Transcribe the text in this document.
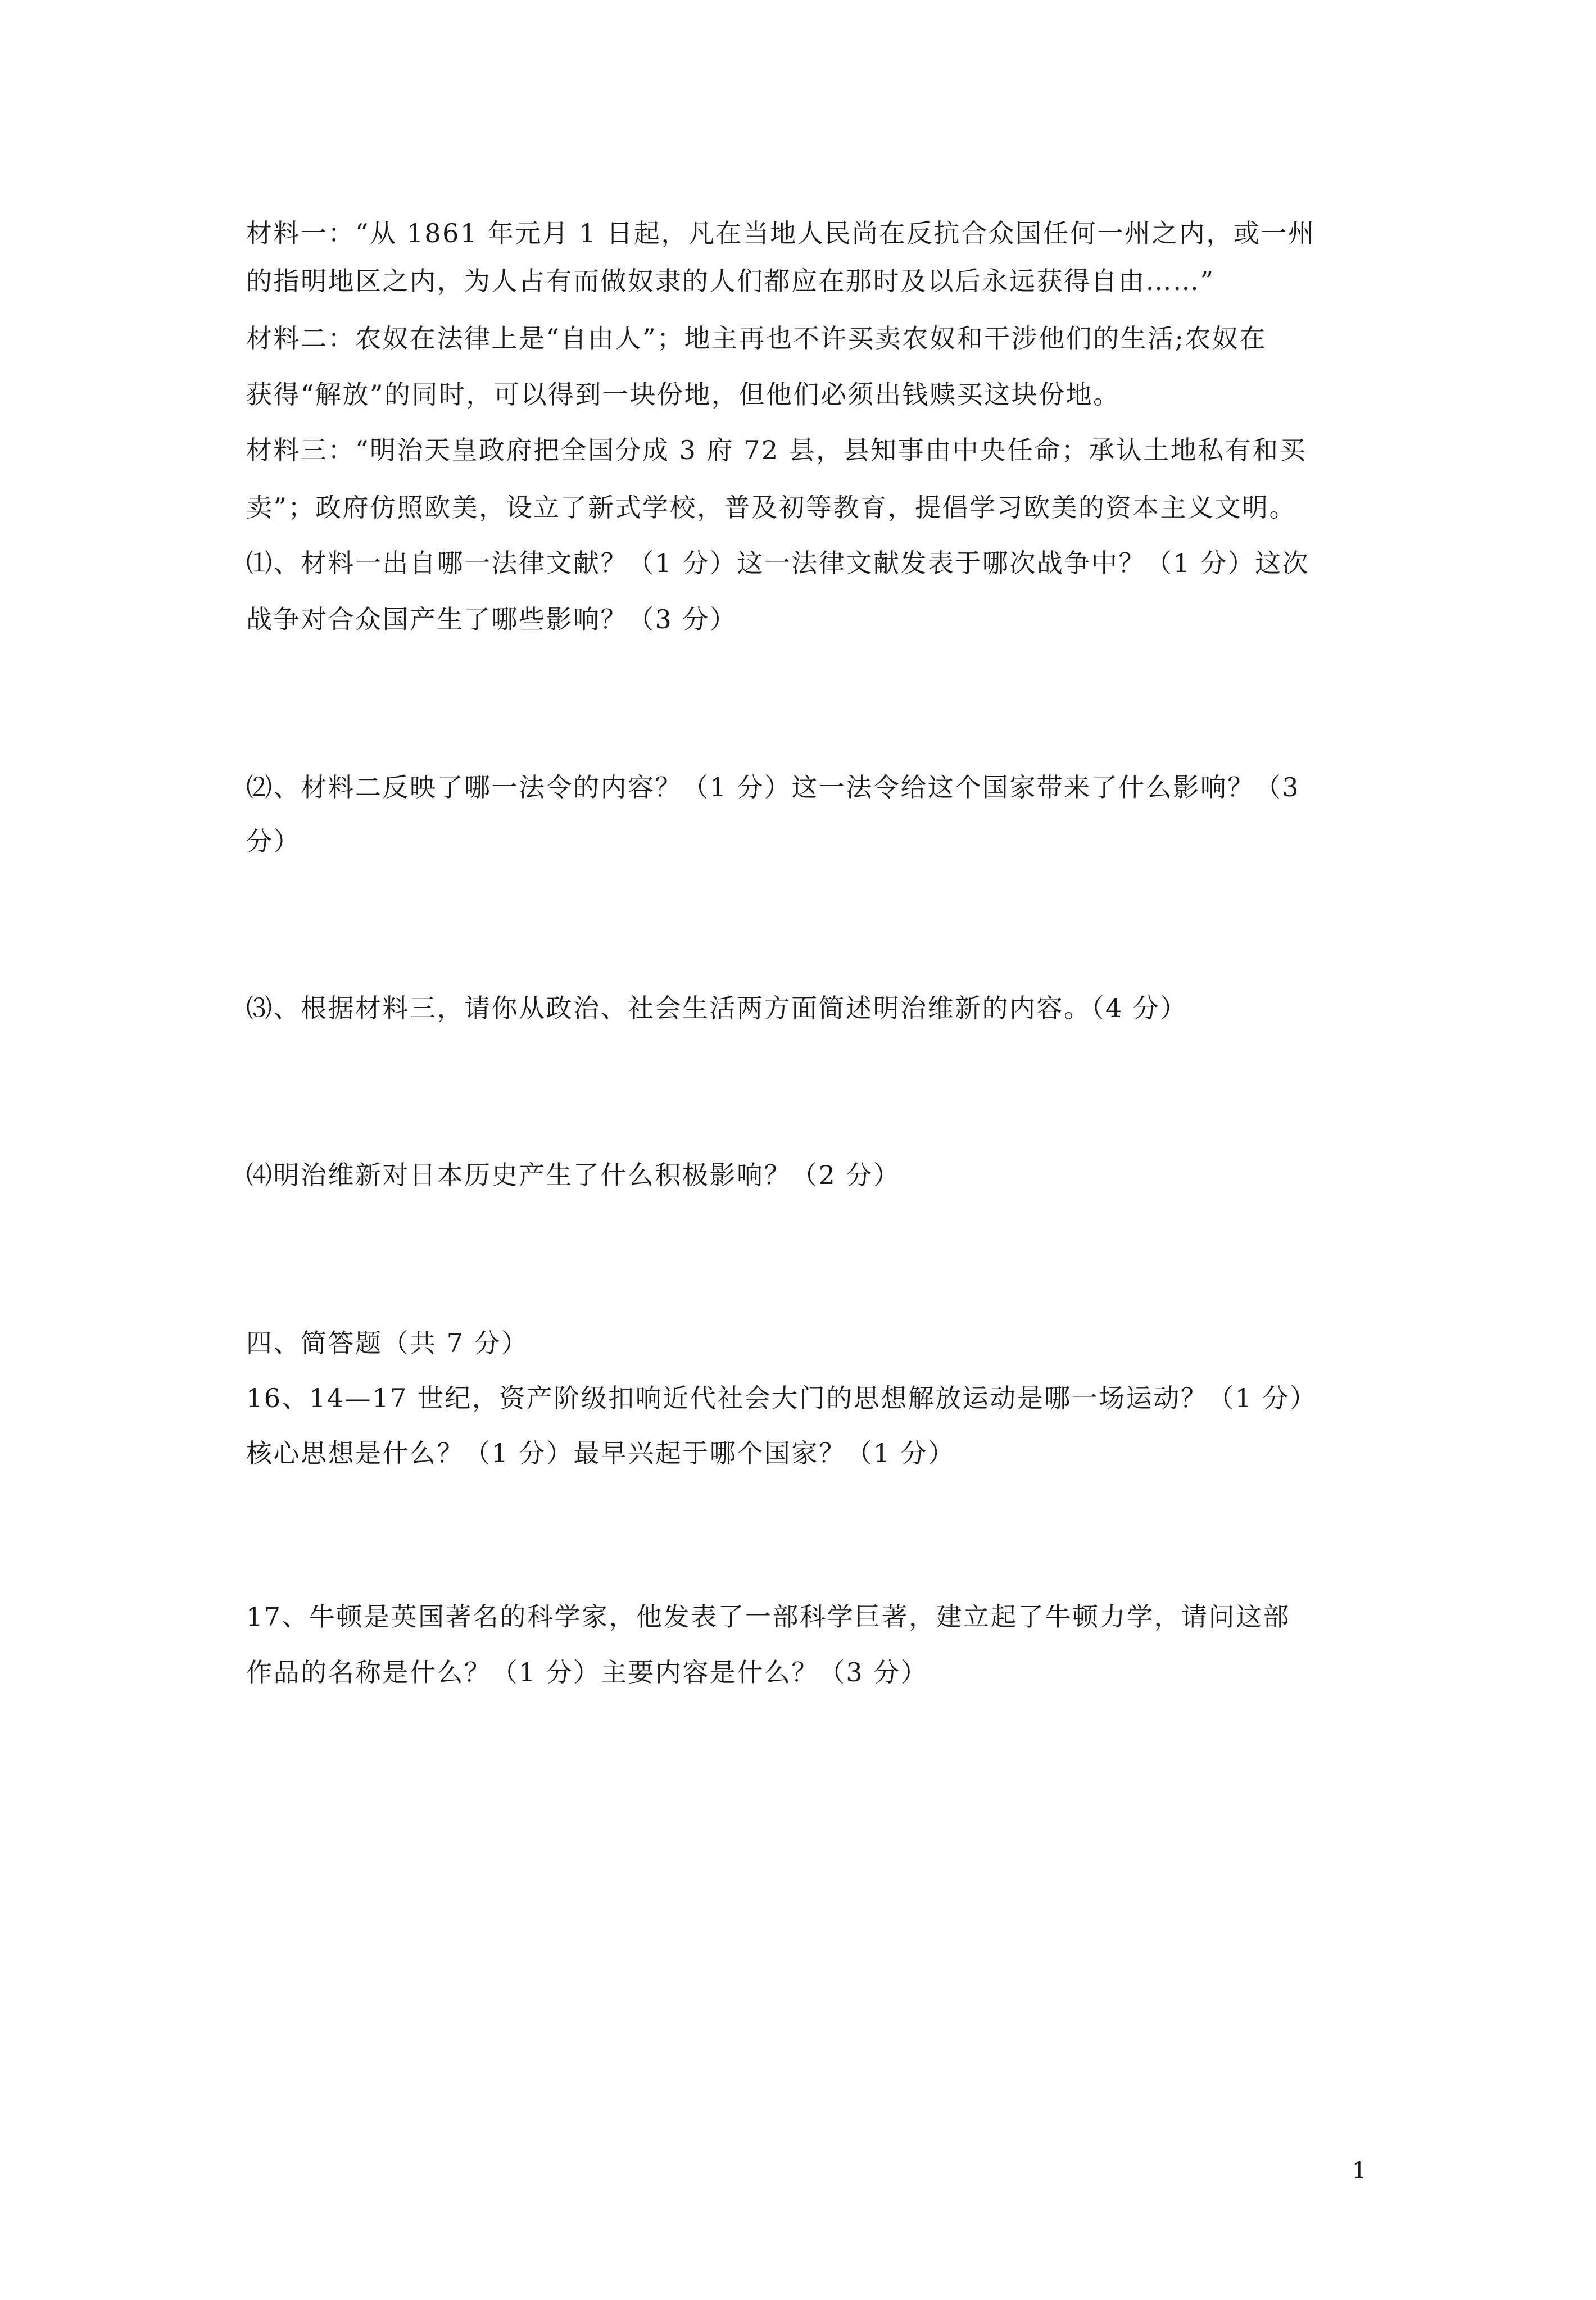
材料一：“从 1861 年元月 1 日起，凡在当地人民尚在反抗合众国任何一州之内，或一州

的指明地区之内，为人占有而做奴隶的人们都应在那时及以后永远获得自由……”

材料二：农奴在法律上是“自由人”；地主再也不许买卖农奴和干涉他们的生活;农奴在

获得“解放”的同时，可以得到一块份地，但他们必须出钱赎买这块份地。

材料三：“明治天皇政府把全国分成 3 府 72 县，县知事由中央任命；承认土地私有和买

卖”；政府仿照欧美，设立了新式学校，普及初等教育，提倡学习欧美的资本主义文明。

⑴、材料一出自哪一法律文献？（1 分）这一法律文献发表于哪次战争中？（1 分）这次

战争对合众国产生了哪些影响？（3 分）

⑵、材料二反映了哪一法令的内容？（1 分）这一法令给这个国家带来了什么影响？（3

分）

⑶、根据材料三，请你从政治、社会生活两方面简述明治维新的内容。（4 分）

⑷明治维新对日本历史产生了什么积极影响？（2 分）

四、简答题（共 7 分）

16、14—17 世纪，资产阶级扣响近代社会大门的思想解放运动是哪一场运动？（1 分）

核心思想是什么？（1 分）最早兴起于哪个国家？（1 分）

17、牛顿是英国著名的科学家，他发表了一部科学巨著，建立起了牛顿力学，请问这部

作品的名称是什么？（1 分）主要内容是什么？（3 分）

1
